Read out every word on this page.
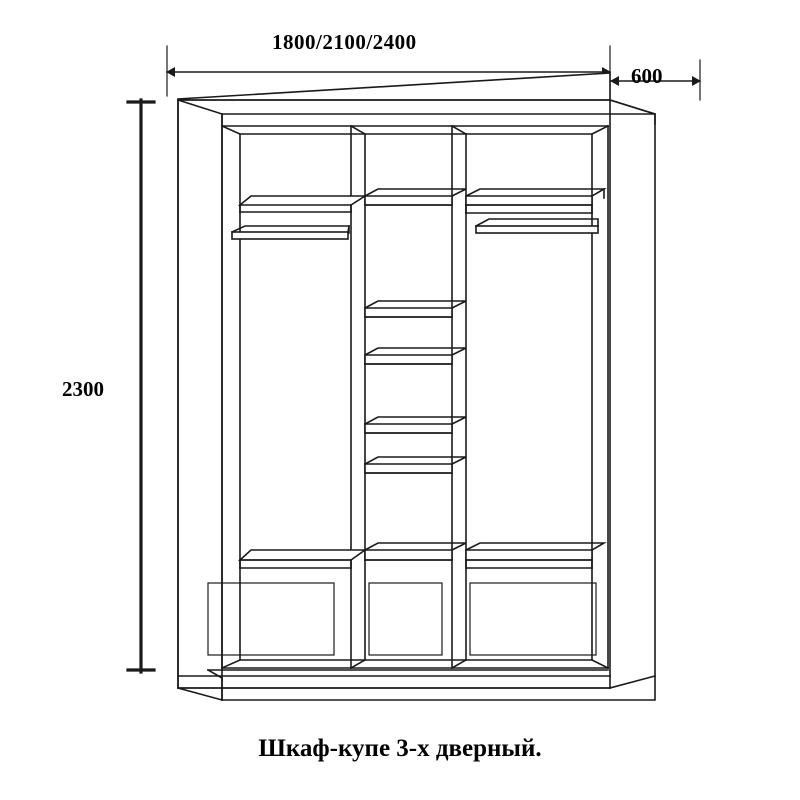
1800/2100/2400
600
2300
Шкаф-купе 3-х дверный.
